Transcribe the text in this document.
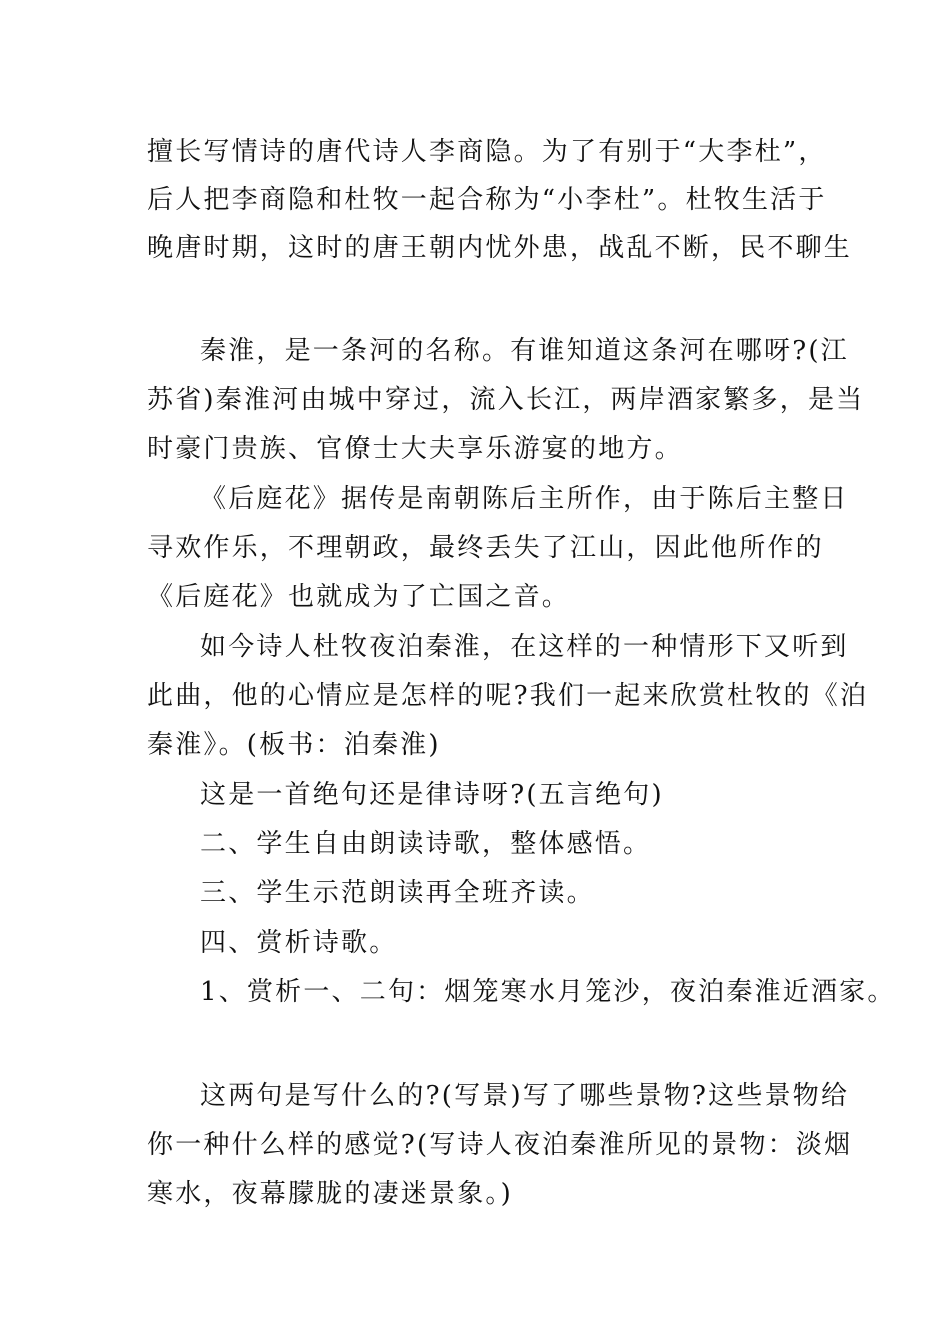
擅长写情诗的唐代诗人李商隐。为了有别于“大李杜”，
后人把李商隐和杜牧一起合称为“小李杜”。杜牧生活于
晚唐时期，这时的唐王朝内忧外患，战乱不断，民不聊生
秦淮，是一条河的名称。有谁知道这条河在哪呀?(江
苏省)秦淮河由城中穿过，流入长江，两岸酒家繁多，是当
时豪门贵族、官僚士大夫享乐游宴的地方。
《后庭花》据传是南朝陈后主所作，由于陈后主整日
寻欢作乐，不理朝政，最终丢失了江山，因此他所作的
《后庭花》也就成为了亡国之音。
如今诗人杜牧夜泊秦淮，在这样的一种情形下又听到
此曲，他的心情应是怎样的呢?我们一起来欣赏杜牧的《泊
秦淮》。(板书：泊秦淮)
这是一首绝句还是律诗呀?(五言绝句)
二、学生自由朗读诗歌，整体感悟。
三、学生示范朗读再全班齐读。
四、赏析诗歌。
1、赏析一、二句：烟笼寒水月笼沙，夜泊秦淮近酒家。
这两句是写什么的?(写景)写了哪些景物?这些景物给
你一种什么样的感觉?(写诗人夜泊秦淮所见的景物：淡烟
寒水，夜幕朦胧的凄迷景象。)
